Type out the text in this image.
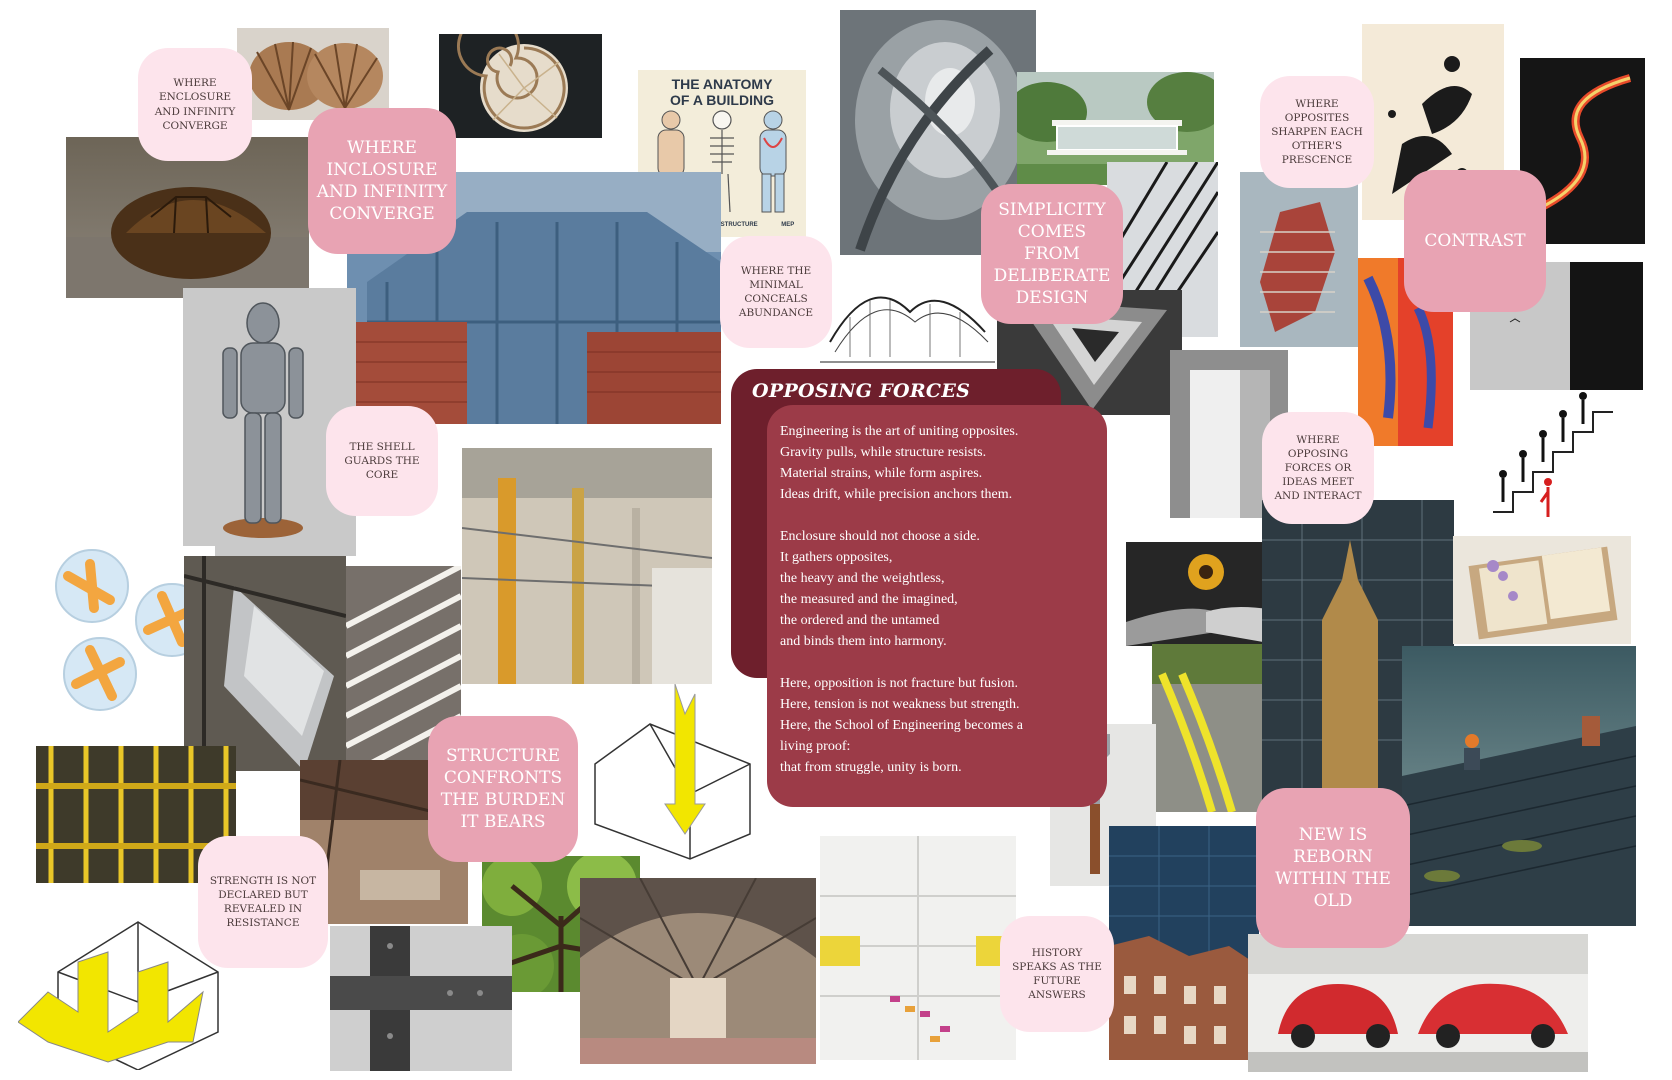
THE ANATOMY
OF A BUILDING
STRUCTURE	MEP
WHERE ENCLOSURE AND INFINITY CONVERGE
WHERE INCLOSURE AND INFINITY CONVERGE
WHERE THE MINIMAL CONCEALS ABUNDANCE
SIMPLICITY COMES FROM DELIBERATE DESIGN
WHERE OPPOSITES SHARPEN EACH OTHER'S PRESCENCE
CONTRAST
THE SHELL GUARDS THE CORE
WHERE OPPOSING FORCES OR IDEAS MEET AND INTERACT
STRUCTURE CONFRONTS THE BURDEN IT BEARS
STRENGTH IS NOT DECLARED BUT REVEALED IN RESISTANCE
HISTORY SPEAKS AS THE FUTURE ANSWERS
NEW IS REBORN WITHIN THE OLD
OPPOSING FORCES

Engineering is the art of uniting opposites.

Gravity pulls, while structure resists.

Material strains, while form aspires.

Ideas drift, while precision anchors them.

Enclosure should not choose a side.

It gathers opposites,

the heavy and the weightless,

the measured and the imagined,

the ordered and the untamed

and binds them into harmony.

Here, opposition is not fracture but fusion.

Here, tension is not weakness but strength.

Here, the School of Engineering becomes a

living proof:

that from struggle, unity is born.
